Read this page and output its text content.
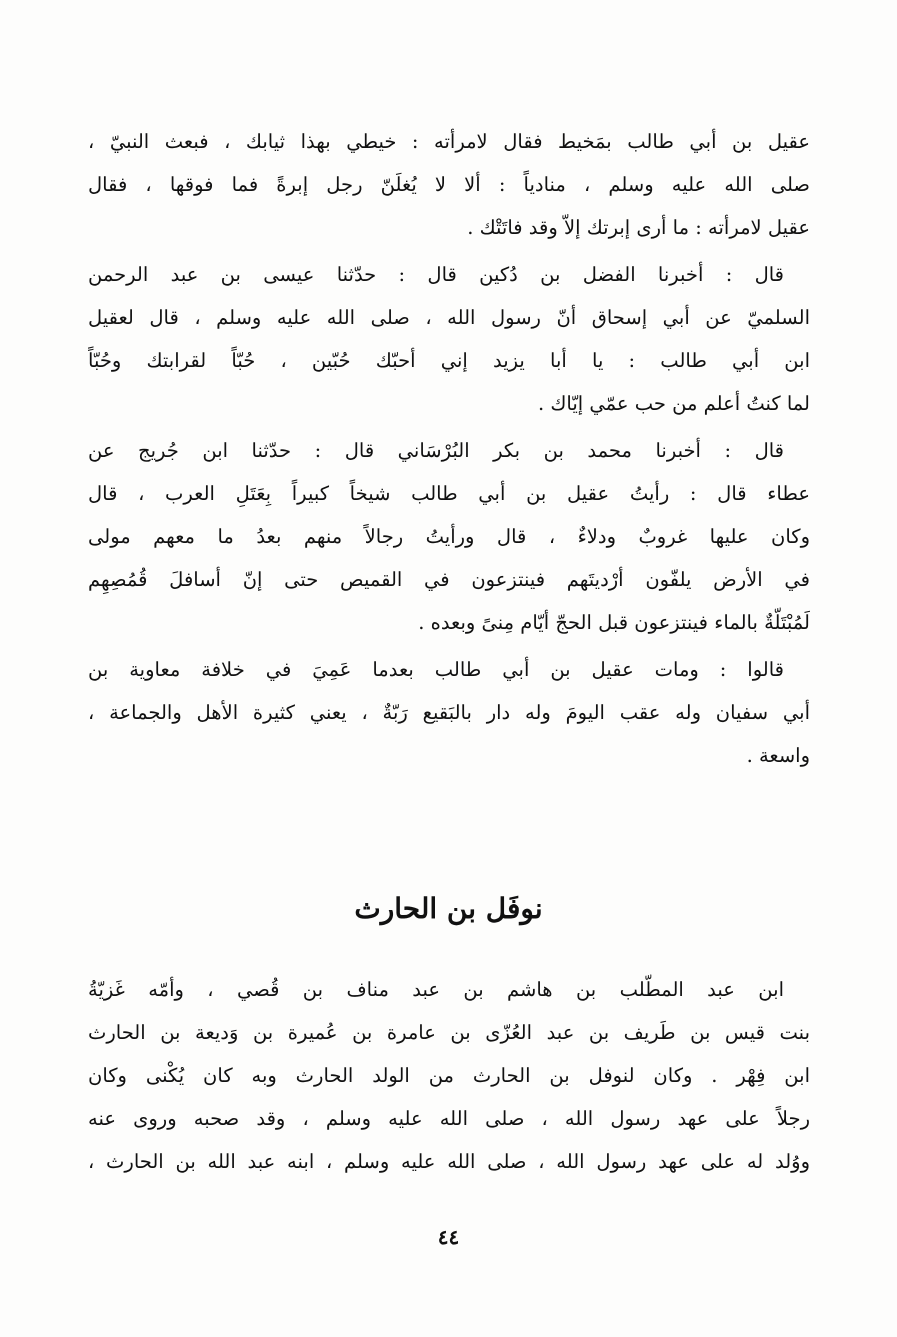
عقيل بن أبي طالب بمَخيط فقال لامرأته : خيطي بهذا ثيابك ، فبعث النبيّ ،
صلى الله عليه وسلم ، منادياً : ألا لا يُغلَنّ رجل إبرةً فما فوقها ، فقال
عقيل لامرأته : ما أرى إبرتك إلاّ وقد فاتَتْك .
قال : أخبرنا الفضل بن دُكين قال : حدّثنا عيسى بن عبد الرحمن
السلميّ عن أبي إسحاق أنّ رسول الله ، صلى الله عليه وسلم ، قال لعقيل
ابن أبي طالب : يا أبا يزيد إني أحبّك حُبّين ، حُبّاً لقرابتك وحُبّاً
لما كنتُ أعلم من حب عمّي إيّاك .
قال : أخبرنا محمد بن بكر البُرْسَاني قال : حدّثنا ابن جُريج عن
عطاء قال : رأيتُ عقيل بن أبي طالب شيخاً كبيراً بِعَتَلِ العرب ، قال
وكان عليها غروبٌ ودلاءٌ ، قال ورأيتُ رجالاً منهم بعدُ ما معهم مولى
في الأرض يلفّون أرْديتَهم فينتزعون في القميص حتى إنّ أسافلَ قُمُصِهِم
لَمُبْتَلّةٌ بالماء فينتزعون قبل الحجّ أيّام مِنىً وبعده .
قالوا : ومات عقيل بن أبي طالب بعدما عَمِيَ في خلافة معاوية بن
أبي سفيان وله عقب اليومَ وله دار بالبَقيع رَبّةٌ ، يعني كثيرة الأهل والجماعة ،
واسعة .
نوفَل بن الحارث
ابن عبد المطّلب بن هاشم بن عبد مناف بن قُصي ، وأمّه غَزيّةُ
بنت قيس بن طَريف بن عبد العُزّى بن عامرة بن عُميرة بن وَديعة بن الحارث
ابن فِهْر . وكان لنوفل بن الحارث من الولد الحارث وبه كان يُكْنى وكان
رجلاً على عهد رسول الله ، صلى الله عليه وسلم ، وقد صحبه وروى عنه
ووُلد له على عهد رسول الله ، صلى الله عليه وسلم ، ابنه عبد الله بن الحارث ،
٤٤
